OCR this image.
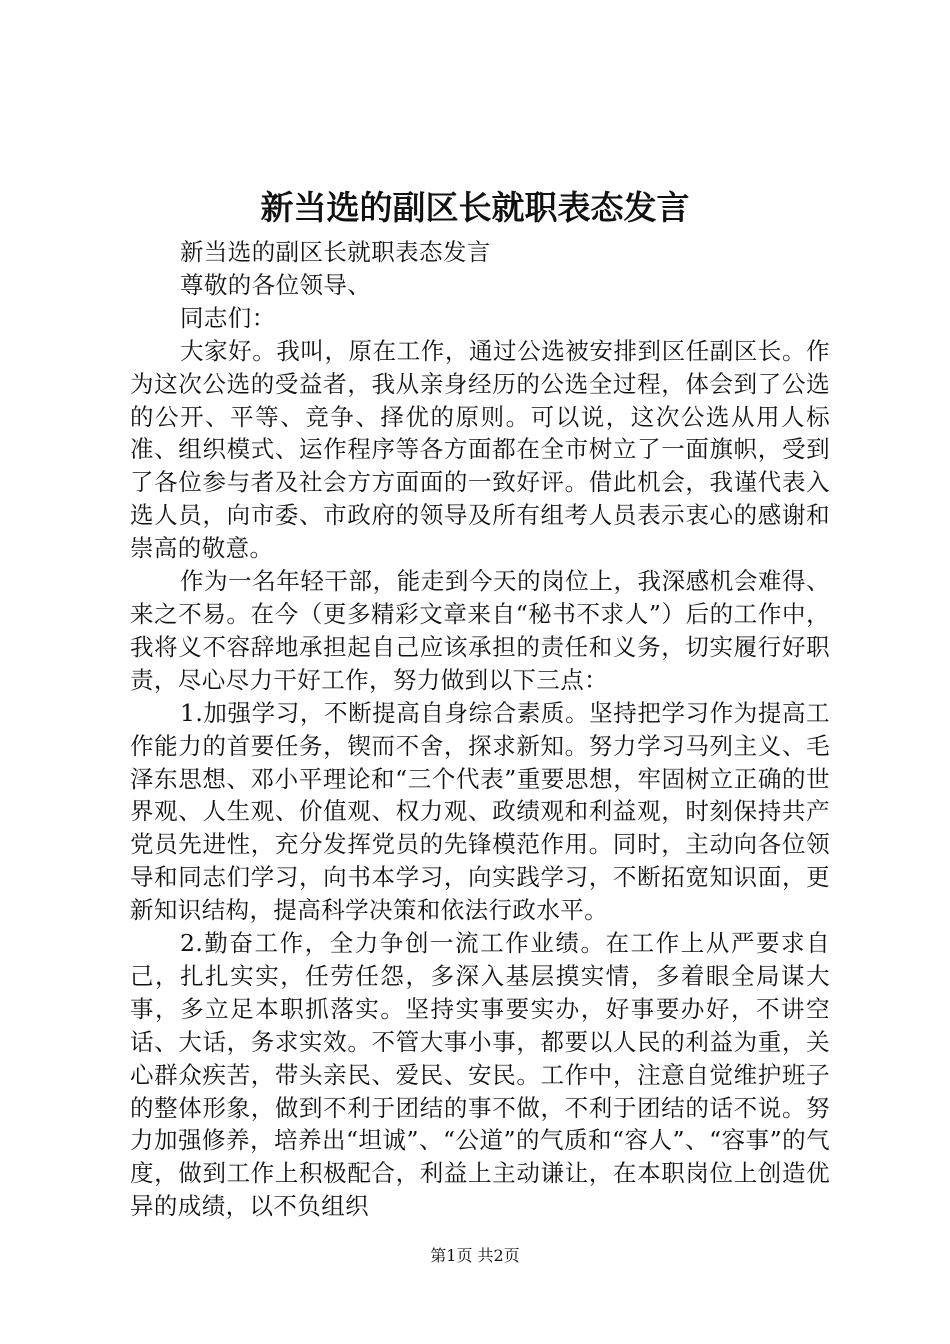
新当选的副区长就职表态发言

新当选的副区长就职表态发言

尊敬的各位领导、

同志们：

大家好。我叫，原在工作，通过公选被安排到区任副区长。作为这次公选的受益者，我从亲身经历的公选全过程，体会到了公选的公开、平等、竞争、择优的原则。可以说，这次公选从用人标准、组织模式、运作程序等各方面都在全市树立了一面旗帜，受到了各位参与者及社会方方面面的一致好评。借此机会，我谨代表入选人员，向市委、市政府的领导及所有组考人员表示衷心的感谢和崇高的敬意。

作为一名年轻干部，能走到今天的岗位上，我深感机会难得、来之不易。在今（更多精彩文章来自“秘书不求人”）后的工作中，我将义不容辞地承担起自己应该承担的责任和义务，切实履行好职责，尽心尽力干好工作，努力做到以下三点：

1.加强学习，不断提高自身综合素质。坚持把学习作为提高工作能力的首要任务，锲而不舍，探求新知。努力学习马列主义、毛泽东思想、邓小平理论和“三个代表”重要思想，牢固树立正确的世界观、人生观、价值观、权力观、政绩观和利益观，时刻保持共产党员先进性，充分发挥党员的先锋模范作用。同时，主动向各位领导和同志们学习，向书本学习，向实践学习，不断拓宽知识面，更新知识结构，提高科学决策和依法行政水平。

2.勤奋工作，全力争创一流工作业绩。在工作上从严要求自己，扎扎实实，任劳任怨，多深入基层摸实情，多着眼全局谋大事，多立足本职抓落实。坚持实事要实办，好事要办好，不讲空话、大话，务求实效。不管大事小事，都要以人民的利益为重，关心群众疾苦，带头亲民、爱民、安民。工作中，注意自觉维护班子的整体形象，做到不利于团结的事不做，不利于团结的话不说。努力加强修养，培养出“坦诚”、“公道”的气质和“容人”、“容事”的气度，做到工作上积极配合，利益上主动谦让，在本职岗位上创造优异的成绩，以不负组织

第1页 共2页
